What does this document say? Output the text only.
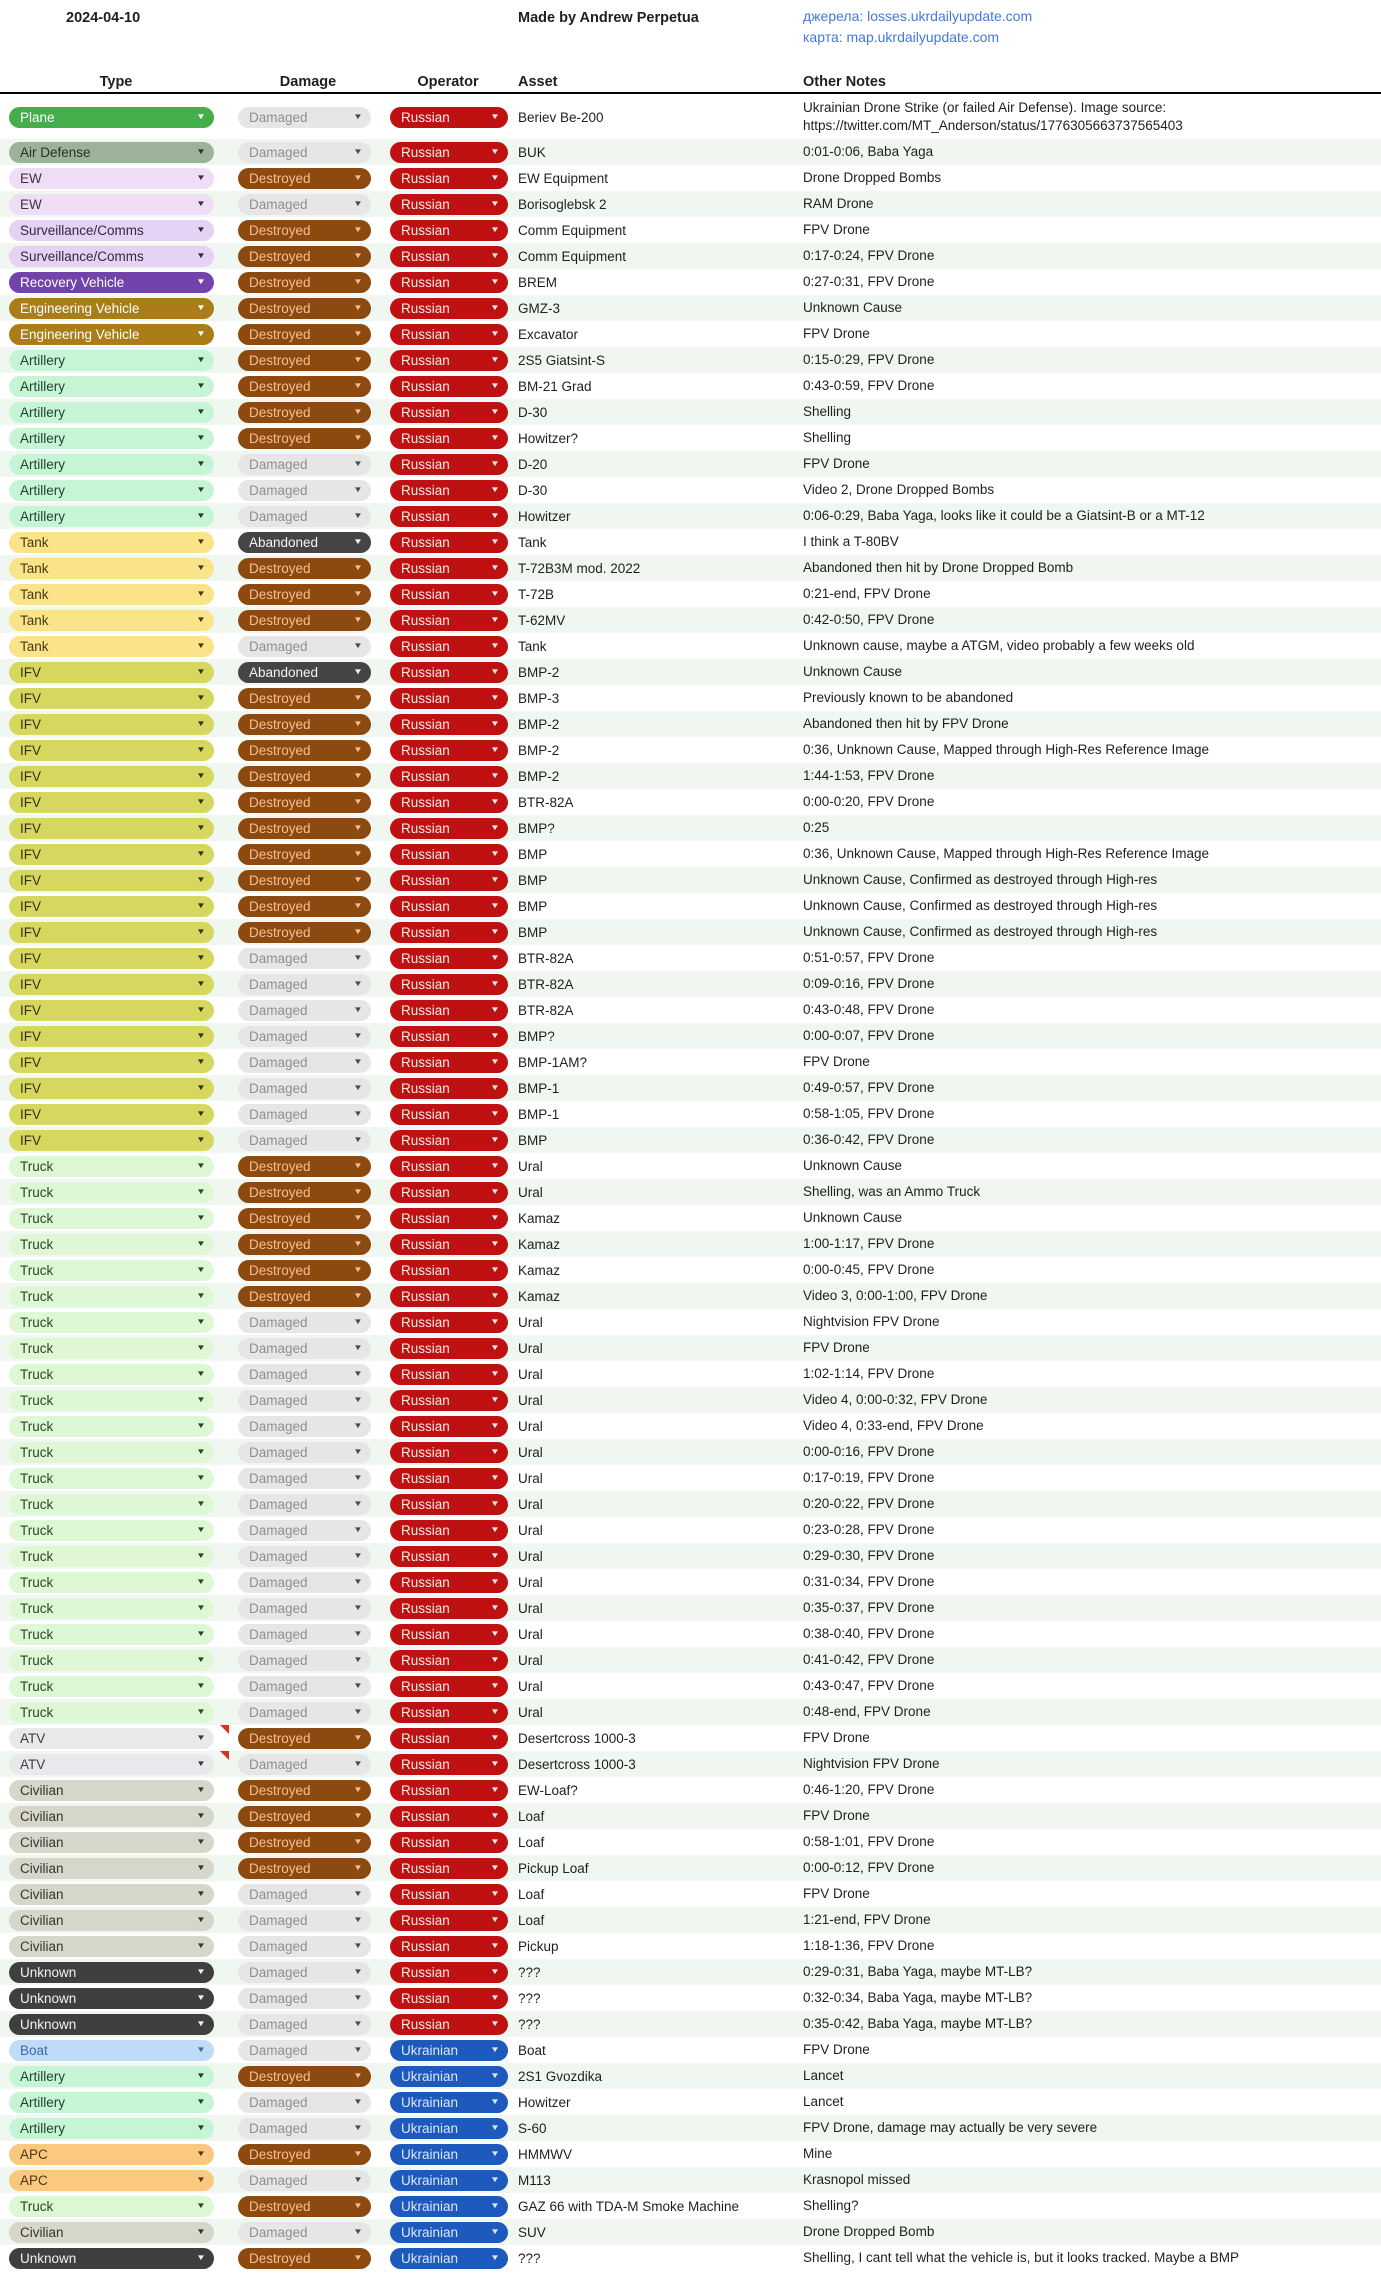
2024-04-10	Made by Andrew Perpetua	джерела: losses.ukrdailyupdate.com
карта: map.ukrdailyupdate.com
Type	Damage	Operator	Asset	Other Notes
Plane	▼	Damaged	▼	Russian	▼	Beriev Be-200
Ukrainian Drone Strike (or failed Air Defense). Image source: https://twitter.com/MT_Anderson/status/1776305663737565403
Air Defense	▼	Damaged	▼	Russian	▼	BUK	0:01-0:06, Baba Yaga
EW	▼	Destroyed	▼	Russian	▼	EW Equipment	Drone Dropped Bombs
EW	▼	Damaged	▼	Russian	▼	Borisoglebsk 2	RAM Drone
Surveillance/Comms	▼	Destroyed	▼	Russian	▼	Comm Equipment	FPV Drone
Surveillance/Comms	▼	Destroyed	▼	Russian	▼	Comm Equipment	0:17-0:24, FPV Drone
Recovery Vehicle	▼	Destroyed	▼	Russian	▼	BREM	0:27-0:31, FPV Drone
Engineering Vehicle	▼	Destroyed	▼	Russian	▼	GMZ-3	Unknown Cause
Engineering Vehicle	▼	Destroyed	▼	Russian	▼	Excavator	FPV Drone
Artillery	▼	Destroyed	▼	Russian	▼	2S5 Giatsint-S	0:15-0:29, FPV Drone
Artillery	▼	Destroyed	▼	Russian	▼	BM-21 Grad	0:43-0:59, FPV Drone
Artillery	▼	Destroyed	▼	Russian	▼	D-30	Shelling
Artillery	▼	Destroyed	▼	Russian	▼	Howitzer?	Shelling
Artillery	▼	Damaged	▼	Russian	▼	D-20	FPV Drone
Artillery	▼	Damaged	▼	Russian	▼	D-30	Video 2, Drone Dropped Bombs
Artillery	▼	Damaged	▼	Russian	▼	Howitzer	0:06-0:29, Baba Yaga, looks like it could be a Giatsint-B or a MT-12
Tank	▼	Abandoned	▼	Russian	▼	Tank	I think a T-80BV
Tank	▼	Destroyed	▼	Russian	▼	T-72B3M mod. 2022	Abandoned then hit by Drone Dropped Bomb
Tank	▼	Destroyed	▼	Russian	▼	T-72B	0:21-end, FPV Drone
Tank	▼	Destroyed	▼	Russian	▼	T-62MV	0:42-0:50, FPV Drone
Tank	▼	Damaged	▼	Russian	▼	Tank	Unknown cause, maybe a ATGM, video probably a few weeks old
IFV	▼	Abandoned	▼	Russian	▼	BMP-2	Unknown Cause
IFV	▼	Destroyed	▼	Russian	▼	BMP-3	Previously known to be abandoned
IFV	▼	Destroyed	▼	Russian	▼	BMP-2	Abandoned then hit by FPV Drone
IFV	▼	Destroyed	▼	Russian	▼	BMP-2	0:36, Unknown Cause, Mapped through High-Res Reference Image
IFV	▼	Destroyed	▼	Russian	▼	BMP-2	1:44-1:53, FPV Drone
IFV	▼	Destroyed	▼	Russian	▼	BTR-82A	0:00-0:20, FPV Drone
IFV	▼	Destroyed	▼	Russian	▼	BMP?	0:25
IFV	▼	Destroyed	▼	Russian	▼	BMP	0:36, Unknown Cause, Mapped through High-Res Reference Image
IFV	▼	Destroyed	▼	Russian	▼	BMP	Unknown Cause, Confirmed as destroyed through High-res
IFV	▼	Destroyed	▼	Russian	▼	BMP	Unknown Cause, Confirmed as destroyed through High-res
IFV	▼	Destroyed	▼	Russian	▼	BMP	Unknown Cause, Confirmed as destroyed through High-res
IFV	▼	Damaged	▼	Russian	▼	BTR-82A	0:51-0:57, FPV Drone
IFV	▼	Damaged	▼	Russian	▼	BTR-82A	0:09-0:16, FPV Drone
IFV	▼	Damaged	▼	Russian	▼	BTR-82A	0:43-0:48, FPV Drone
IFV	▼	Damaged	▼	Russian	▼	BMP?	0:00-0:07, FPV Drone
IFV	▼	Damaged	▼	Russian	▼	BMP-1AM?	FPV Drone
IFV	▼	Damaged	▼	Russian	▼	BMP-1	0:49-0:57, FPV Drone
IFV	▼	Damaged	▼	Russian	▼	BMP-1	0:58-1:05, FPV Drone
IFV	▼	Damaged	▼	Russian	▼	BMP	0:36-0:42, FPV Drone
Truck	▼	Destroyed	▼	Russian	▼	Ural	Unknown Cause
Truck	▼	Destroyed	▼	Russian	▼	Ural	Shelling, was an Ammo Truck
Truck	▼	Destroyed	▼	Russian	▼	Kamaz	Unknown Cause
Truck	▼	Destroyed	▼	Russian	▼	Kamaz	1:00-1:17, FPV Drone
Truck	▼	Destroyed	▼	Russian	▼	Kamaz	0:00-0:45, FPV Drone
Truck	▼	Destroyed	▼	Russian	▼	Kamaz	Video 3, 0:00-1:00, FPV Drone
Truck	▼	Damaged	▼	Russian	▼	Ural	Nightvision FPV Drone
Truck	▼	Damaged	▼	Russian	▼	Ural	FPV Drone
Truck	▼	Damaged	▼	Russian	▼	Ural	1:02-1:14, FPV Drone
Truck	▼	Damaged	▼	Russian	▼	Ural	Video 4, 0:00-0:32, FPV Drone
Truck	▼	Damaged	▼	Russian	▼	Ural	Video 4, 0:33-end, FPV Drone
Truck	▼	Damaged	▼	Russian	▼	Ural	0:00-0:16, FPV Drone
Truck	▼	Damaged	▼	Russian	▼	Ural	0:17-0:19, FPV Drone
Truck	▼	Damaged	▼	Russian	▼	Ural	0:20-0:22, FPV Drone
Truck	▼	Damaged	▼	Russian	▼	Ural	0:23-0:28, FPV Drone
Truck	▼	Damaged	▼	Russian	▼	Ural	0:29-0:30, FPV Drone
Truck	▼	Damaged	▼	Russian	▼	Ural	0:31-0:34, FPV Drone
Truck	▼	Damaged	▼	Russian	▼	Ural	0:35-0:37, FPV Drone
Truck	▼	Damaged	▼	Russian	▼	Ural	0:38-0:40, FPV Drone
Truck	▼	Damaged	▼	Russian	▼	Ural	0:41-0:42, FPV Drone
Truck	▼	Damaged	▼	Russian	▼	Ural	0:43-0:47, FPV Drone
Truck	▼	Damaged	▼	Russian	▼	Ural	0:48-end, FPV Drone
ATV	▼	Destroyed	▼	Russian	▼	Desertcross 1000-3	FPV Drone
ATV	▼	Damaged	▼	Russian	▼	Desertcross 1000-3	Nightvision FPV Drone
Civilian	▼	Destroyed	▼	Russian	▼	EW-Loaf?	0:46-1:20, FPV Drone
Civilian	▼	Destroyed	▼	Russian	▼	Loaf	FPV Drone
Civilian	▼	Destroyed	▼	Russian	▼	Loaf	0:58-1:01, FPV Drone
Civilian	▼	Destroyed	▼	Russian	▼	Pickup Loaf	0:00-0:12, FPV Drone
Civilian	▼	Damaged	▼	Russian	▼	Loaf	FPV Drone
Civilian	▼	Damaged	▼	Russian	▼	Loaf	1:21-end, FPV Drone
Civilian	▼	Damaged	▼	Russian	▼	Pickup	1:18-1:36, FPV Drone
Unknown	▼	Damaged	▼	Russian	▼	???	0:29-0:31, Baba Yaga, maybe MT-LB?
Unknown	▼	Damaged	▼	Russian	▼	???	0:32-0:34, Baba Yaga, maybe MT-LB?
Unknown	▼	Damaged	▼	Russian	▼	???	0:35-0:42, Baba Yaga, maybe MT-LB?
Boat	▼	Damaged	▼	Ukrainian	▼	Boat	FPV Drone
Artillery	▼	Destroyed	▼	Ukrainian	▼	2S1 Gvozdika	Lancet
Artillery	▼	Damaged	▼	Ukrainian	▼	Howitzer	Lancet
Artillery	▼	Damaged	▼	Ukrainian	▼	S-60	FPV Drone, damage may actually be very severe
APC	▼	Destroyed	▼	Ukrainian	▼	HMMWV	Mine
APC	▼	Damaged	▼	Ukrainian	▼	M113	Krasnopol missed
Truck	▼	Destroyed	▼	Ukrainian	▼	GAZ 66 with TDA-M Smoke Machine	Shelling?
Civilian	▼	Damaged	▼	Ukrainian	▼	SUV	Drone Dropped Bomb
Unknown	▼	Destroyed	▼	Ukrainian	▼	???	Shelling, I cant tell what the vehicle is, but it looks tracked. Maybe a BMP
